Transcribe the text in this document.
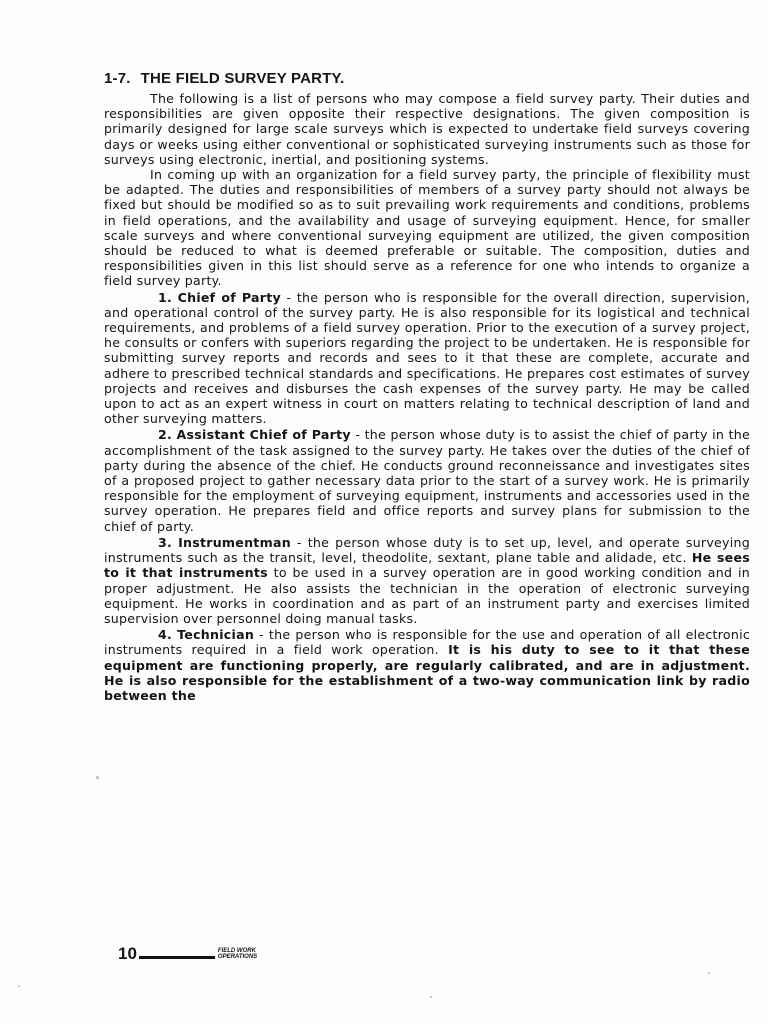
1-7. THE FIELD SURVEY PARTY.

The following is a list of persons who may compose a field survey party. Their duties and responsibilities are given opposite their respective designations. The given composition is primarily designed for large scale surveys which is expected to undertake field surveys covering days or weeks using either conventional or sophisticated surveying instruments such as those for surveys using electronic, inertial, and positioning systems.

In coming up with an organization for a field survey party, the principle of flexibility must be adapted. The duties and responsibilities of members of a survey party should not always be fixed but should be modified so as to suit prevailing work requirements and conditions, problems in field operations, and the availability and usage of surveying equipment. Hence, for smaller scale surveys and where conventional surveying equipment are utilized, the given composition should be reduced to what is deemed preferable or suitable. The composition, duties and responsibilities given in this list should serve as a reference for one who intends to organize a field survey party.

1. Chief of Party - the person who is responsible for the overall direction, supervision, and operational control of the survey party. He is also responsible for its logistical and technical requirements, and problems of a field survey operation. Prior to the execution of a survey project, he consults or confers with superiors regarding the project to be undertaken. He is responsible for submitting survey reports and records and sees to it that these are complete, accurate and adhere to prescribed technical standards and specifications. He prepares cost estimates of survey projects and receives and disburses the cash expenses of the survey party. He may be called upon to act as an expert witness in court on matters relating to technical description of land and other surveying matters.

2. Assistant Chief of Party - the person whose duty is to assist the chief of party in the accomplishment of the task assigned to the survey party. He takes over the duties of the chief of party during the absence of the chief. He conducts ground reconneissance and investigates sites of a proposed project to gather necessary data prior to the start of a survey work. He is primarily responsible for the employment of surveying equipment, instruments and accessories used in the survey operation. He prepares field and office reports and survey plans for submission to the chief of party.

3. Instrumentman - the person whose duty is to set up, level, and operate surveying instruments such as the transit, level, theodolite, sextant, plane table and alidade, etc. He sees to it that instruments to be used in a survey operation are in good working condition and in proper adjustment. He also assists the technician in the operation of electronic surveying equipment. He works in coordination and as part of an instrument party and exercises limited supervision over personnel doing manual tasks.

4. Technician - the person who is responsible for the use and operation of all electronic instruments required in a field work operation. It is his duty to see to it that these equipment are functioning properly, are regularly calibrated, and are in adjustment. He is also responsible for the establishment of a two-way communication link by radio between the

10	FIELD WORK OPERATIONS
